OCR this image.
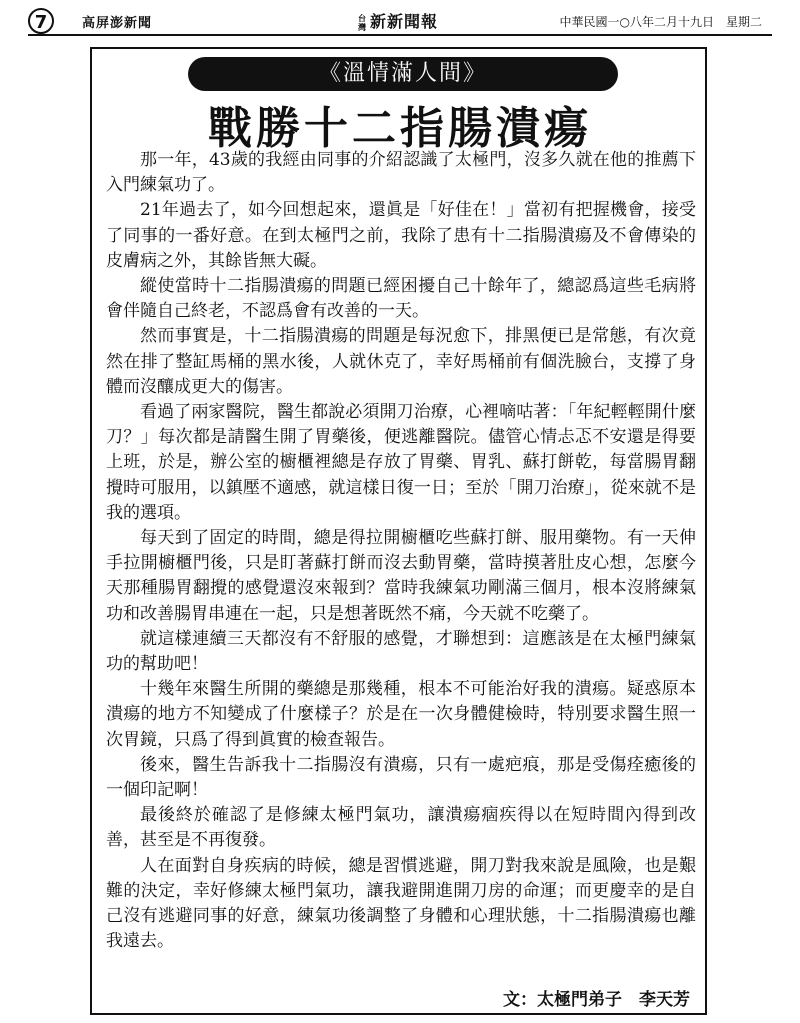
7	高屏澎新聞	台灣 新新聞報	中華民國一○八年二月十九日　星期二
《溫情滿人間》
戰勝十二指腸潰瘍

那一年，43歲的我經由同事的介紹認識了太極門，沒多久就在他的推薦下入門練氣功了。

21年過去了，如今回想起來，還眞是「好佳在！」當初有把握機會，接受了同事的一番好意。在到太極門之前，我除了患有十二指腸潰瘍及不會傳染的皮膚病之外，其餘皆無大礙。

縱使當時十二指腸潰瘍的問題已經困擾自己十餘年了，總認爲這些毛病將會伴隨自己終老，不認爲會有改善的一天。

然而事實是，十二指腸潰瘍的問題是每況愈下，排黑便已是常態，有次竟然在排了整缸馬桶的黑水後，人就休克了，幸好馬桶前有個洗臉台，支撐了身體而沒釀成更大的傷害。

看過了兩家醫院，醫生都說必須開刀治療，心裡嘀咕著：「年紀輕輕開什麼刀？」每次都是請醫生開了胃藥後，便逃離醫院。儘管心情忐忑不安還是得要上班，於是，辦公室的櫥櫃裡總是存放了胃藥、胃乳、蘇打餅乾，每當腸胃翻攪時可服用，以鎮壓不適感，就這樣日復一日；至於「開刀治療」，從來就不是我的選項。

每天到了固定的時間，總是得拉開櫥櫃吃些蘇打餅、服用藥物。有一天伸手拉開櫥櫃門後，只是盯著蘇打餅而沒去動胃藥，當時摸著肚皮心想，怎麼今天那種腸胃翻攪的感覺還沒來報到？當時我練氣功剛滿三個月，根本沒將練氣功和改善腸胃串連在一起，只是想著既然不痛，今天就不吃藥了。

就這樣連續三天都沒有不舒服的感覺，才聯想到：這應該是在太極門練氣功的幫助吧！

十幾年來醫生所開的藥總是那幾種，根本不可能治好我的潰瘍。疑惑原本潰瘍的地方不知變成了什麼樣子？於是在一次身體健檢時，特別要求醫生照一次胃鏡，只爲了得到眞實的檢查報告。

後來，醫生告訴我十二指腸沒有潰瘍，只有一處疤痕，那是受傷痊癒後的一個印記啊！

最後終於確認了是修練太極門氣功，讓潰瘍痼疾得以在短時間內得到改善，甚至是不再復發。

人在面對自身疾病的時候，總是習慣逃避，開刀對我來說是風險，也是艱難的決定，幸好修練太極門氣功，讓我避開進開刀房的命運；而更慶幸的是自己沒有逃避同事的好意，練氣功後調整了身體和心理狀態，十二指腸潰瘍也離我遠去。

文：太極門弟子　李天芳
